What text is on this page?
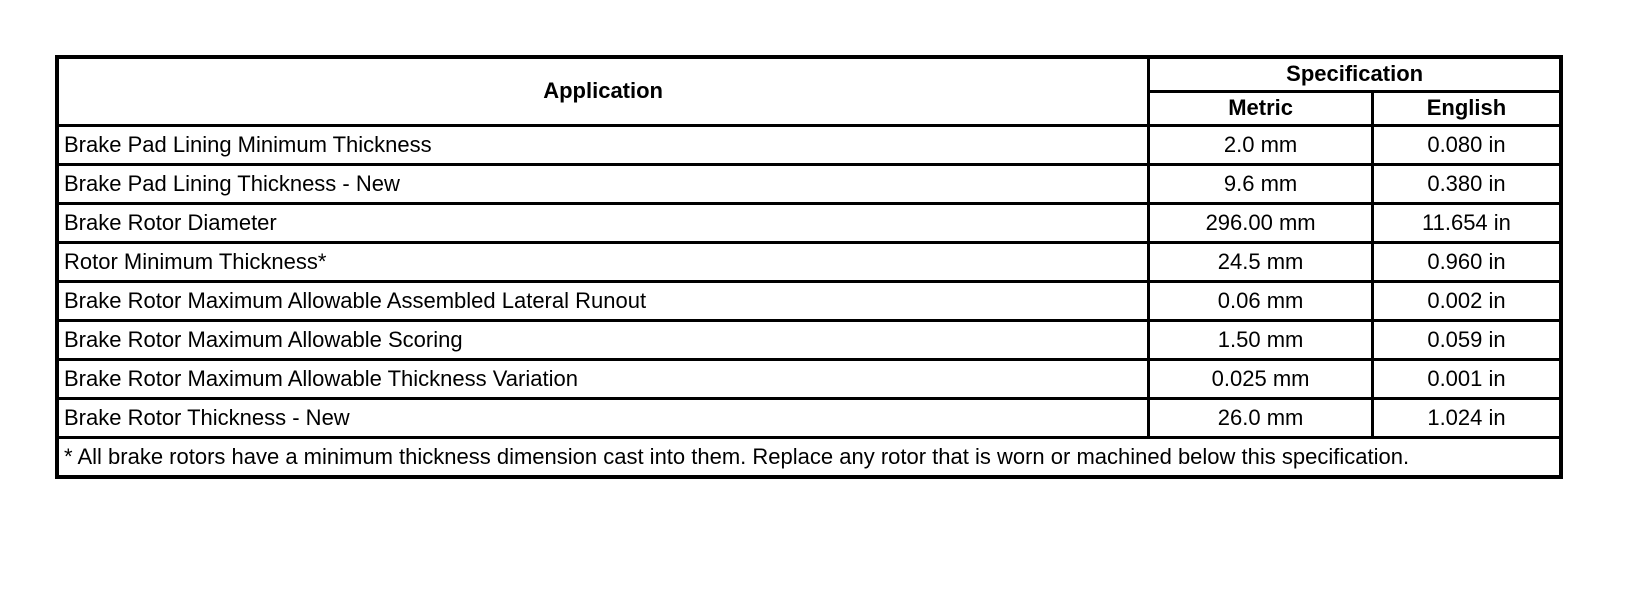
Application	Specification	
	Metric	English
Brake Pad Lining Minimum Thickness	2.0 mm	0.080 in
Brake Pad Lining Thickness - New	9.6 mm	0.380 in
Brake Rotor Diameter	296.00 mm	11.654 in
Rotor Minimum Thickness*	24.5 mm	0.960 in
Brake Rotor Maximum Allowable Assembled Lateral Runout	0.06 mm	0.002 in
Brake Rotor Maximum Allowable Scoring	1.50 mm	0.059 in
Brake Rotor Maximum Allowable Thickness Variation	0.025 mm	0.001 in
Brake Rotor Thickness - New	26.0 mm	1.024 in
* All brake rotors have a minimum thickness dimension cast into them. Replace any rotor that is worn or machined below this specification.		
